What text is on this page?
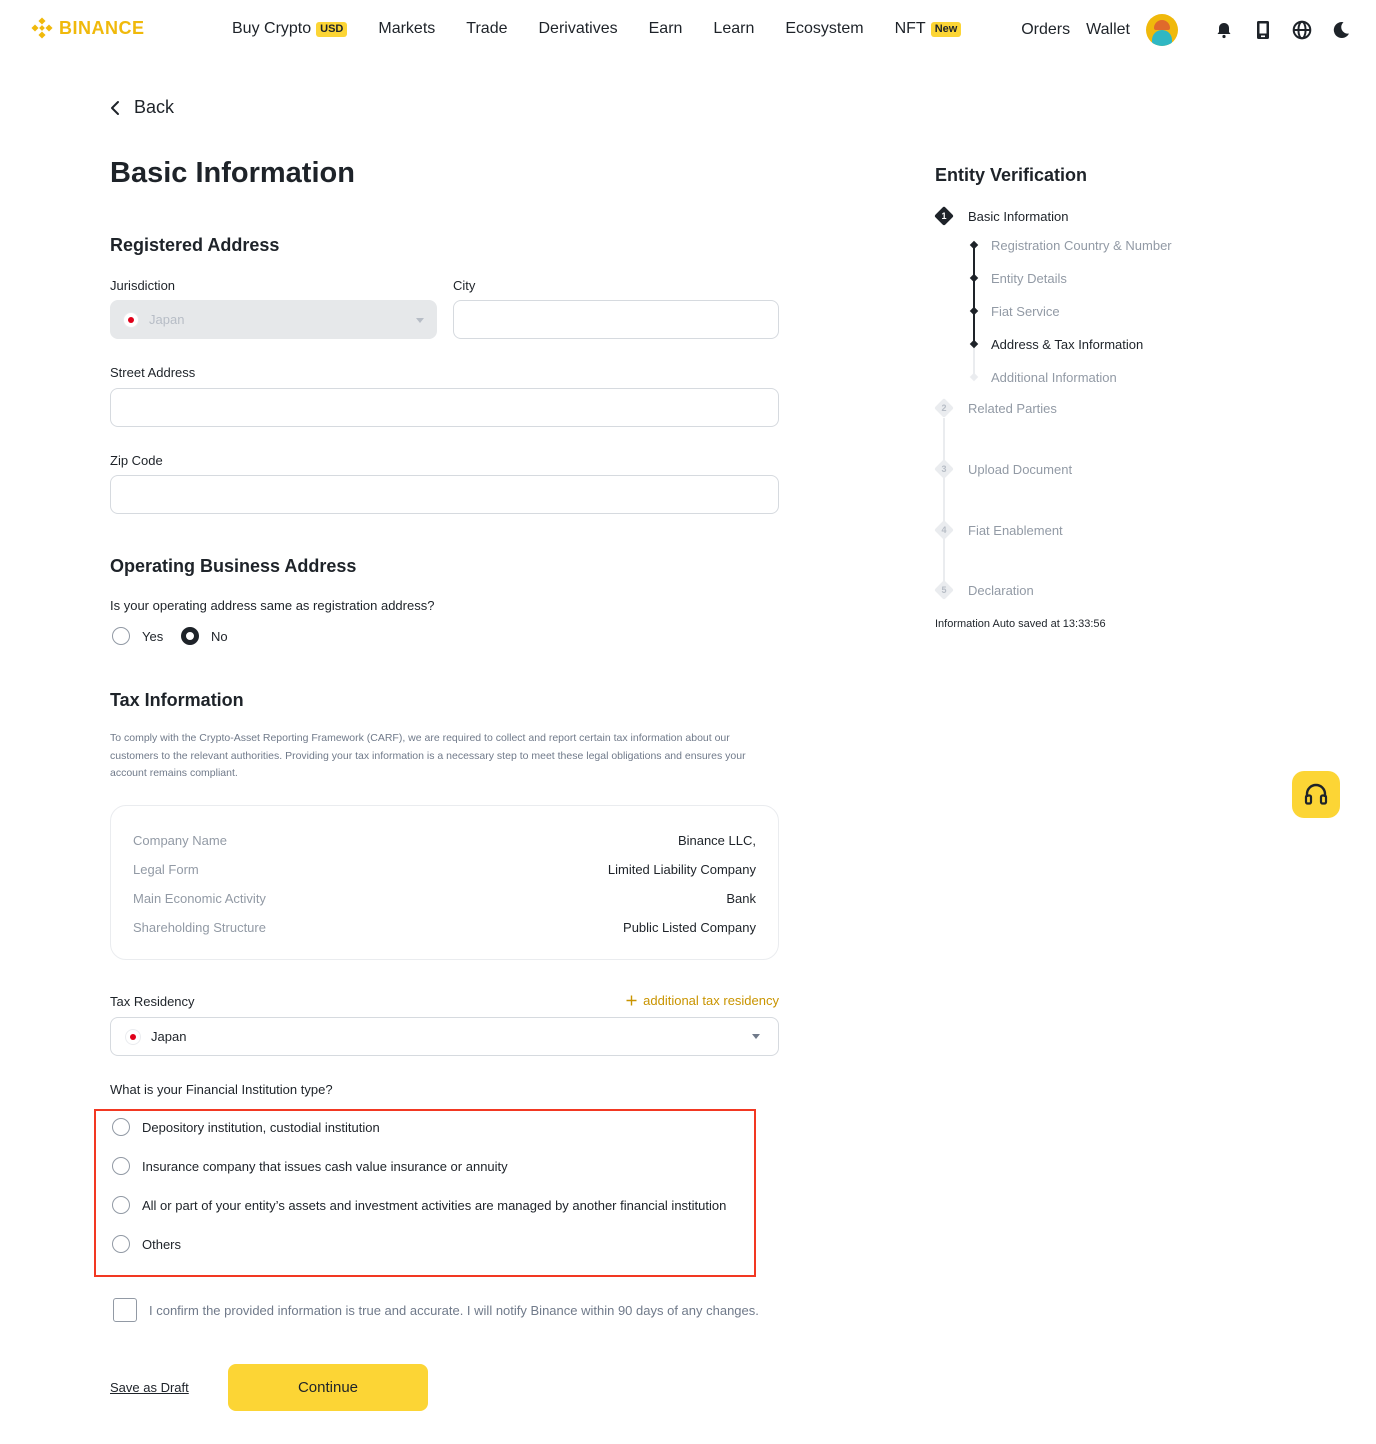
BINANCE	Buy Crypto USD Markets Trade Derivatives Earn Learn Ecosystem NFT New	Orders Wallet
Back
Basic Information
Registered Address
Jurisdiction
Japan
City
Street Address
Zip Code
Operating Business Address
Is your operating address same as registration address?
Yes	No
Tax Information

To comply with the Crypto-Asset Reporting Framework (CARF), we are required to collect and report certain tax information about our customers to the relevant authorities. Providing your tax information is a necessary step to meet these legal obligations and ensures your account remains compliant.

Company Name	Binance LLC,
Legal Form	Limited Liability Company
Main Economic Activity	Bank
Shareholding Structure	Public Listed Company
Tax Residency	additional tax residency
Japan
What is your Financial Institution type?
Depository institution, custodial institution
Insurance company that issues cash value insurance or annuity
All or part of your entity’s assets and investment activities are managed by another financial institution
Others
I confirm the provided information is true and accurate. I will notify Binance within 90 days of any changes.
Save as Draft	Continue
Entity Verification
1	Basic Information
Registration Country & Number
Entity Details
Fiat Service
Address & Tax Information
Additional Information
2	Related Parties
3	Upload Document
4	Fiat Enablement
5	Declaration
Information Auto saved at 13:33:56
